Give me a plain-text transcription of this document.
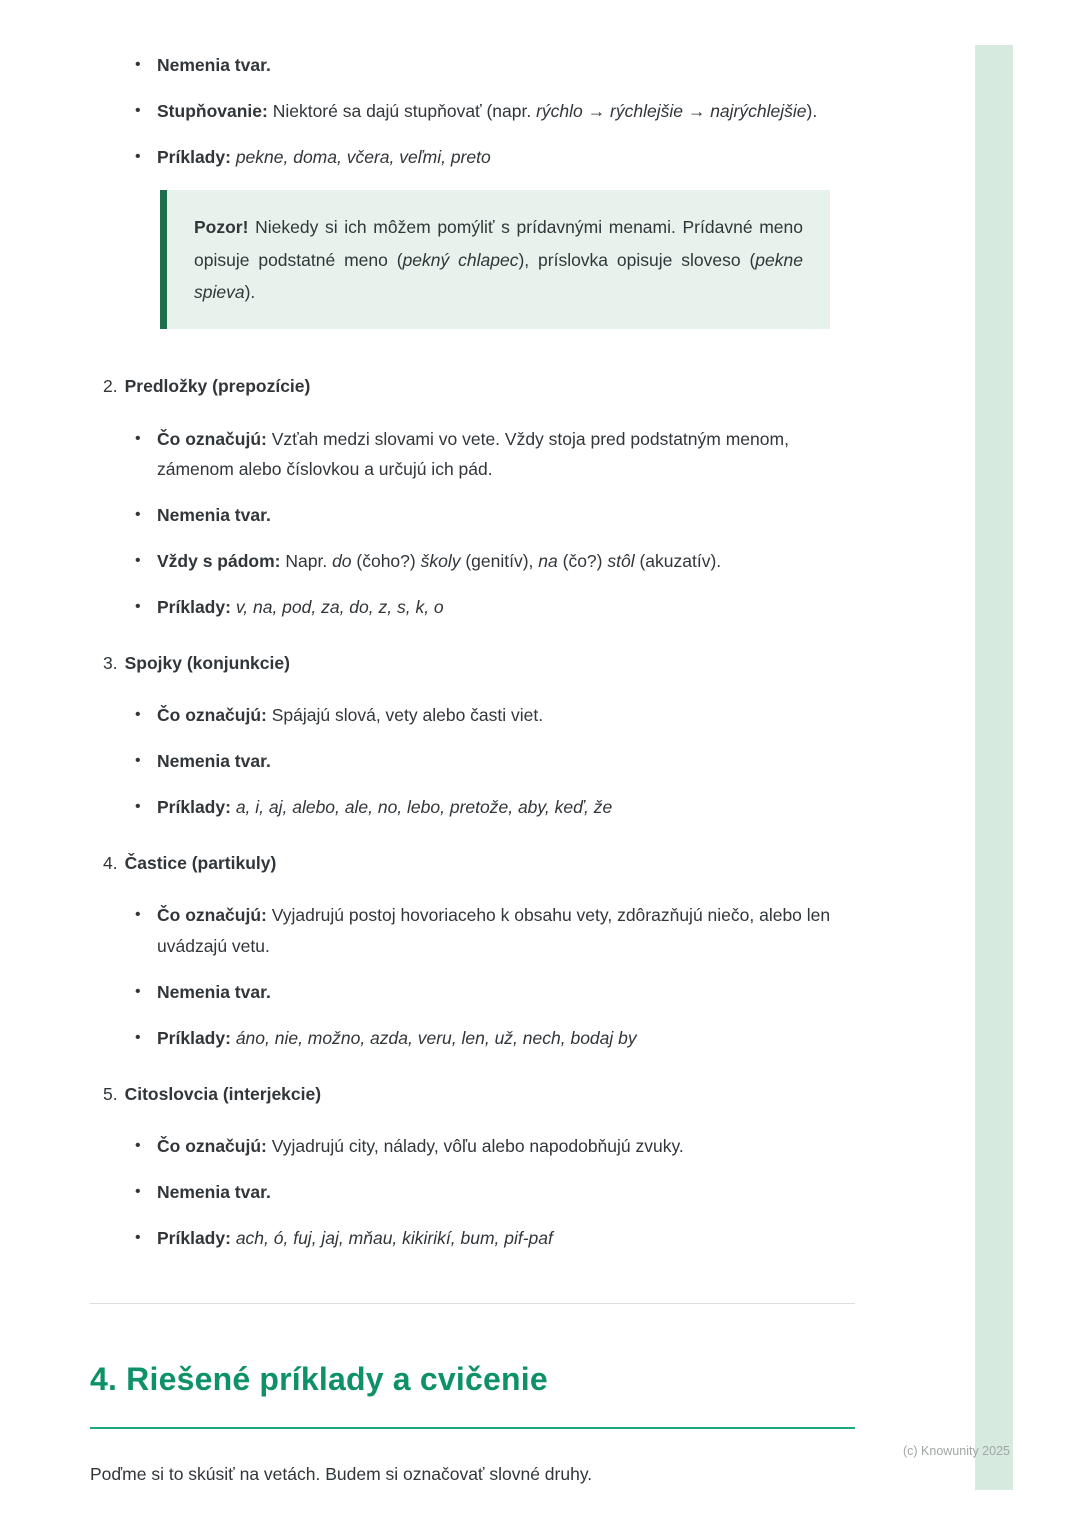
• Nemenia tvar.
• Stupňovanie: Niektoré sa dajú stupňovať (napr. rýchlo → rýchlejšie → najrýchlejšie).
• Príklady: pekne, doma, včera, veľmi, preto
Pozor! Niekedy si ich môžem pomýliť s prídavnými menami. Prídavné meno opisuje podstatné meno (pekný chlapec), príslovka opisuje sloveso (pekne spieva).
2. Predložky (prepozície)
• Čo označujú: Vzťah medzi slovami vo vete. Vždy stoja pred podstatným menom, zámenom alebo číslovkou a určujú ich pád.
• Nemenia tvar.
• Vždy s pádom: Napr. do (čoho?) školy (genitív), na (čo?) stôl (akuzatív).
• Príklady: v, na, pod, za, do, z, s, k, o
3. Spojky (konjunkcie)
• Čo označujú: Spájajú slová, vety alebo časti viet.
• Nemenia tvar.
• Príklady: a, i, aj, alebo, ale, no, lebo, pretože, aby, keď, že
4. Častice (partikuly)
• Čo označujú: Vyjadrujú postoj hovoriaceho k obsahu vety, zdôrazňujú niečo, alebo len uvádzajú vetu.
• Nemenia tvar.
• Príklady: áno, nie, možno, azda, veru, len, už, nech, bodaj by
5. Citoslovcia (interjekcie)
• Čo označujú: Vyjadrujú city, nálady, vôľu alebo napodobňujú zvuky.
• Nemenia tvar.
• Príklady: ach, ó, fuj, jaj, mňau, kikirikí, bum, pif-paf
4. Riešené príklady a cvičenie

Poďme si to skúsiť na vetách. Budem si označovať slovné druhy.

(c) Knowunity 2025
